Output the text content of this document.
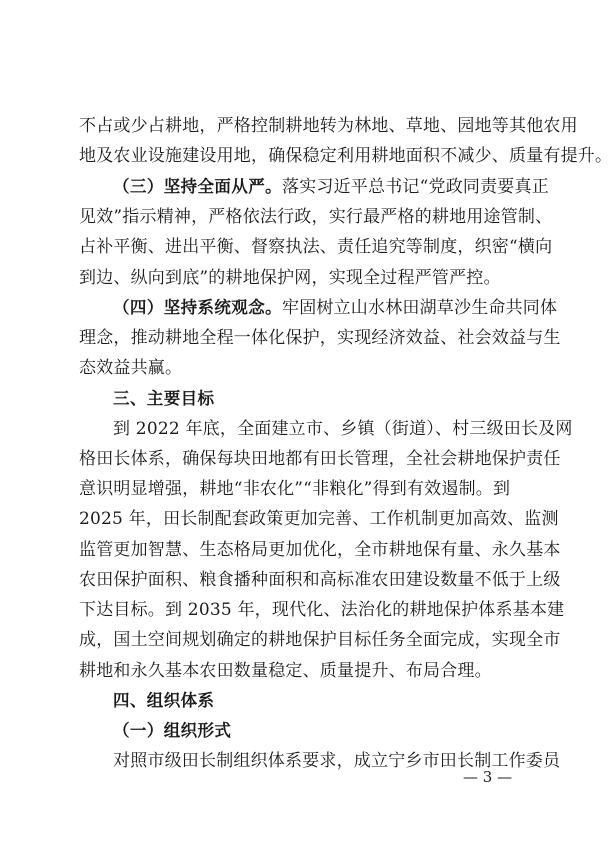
不占或少占耕地，严格控制耕地转为林地、草地、园地等其他农用
地及农业设施建设用地，确保稳定利用耕地面积不减少、质量有提升。
（三）坚持全面从严。落实习近平总书记“党政同责要真正
见效”指示精神，严格依法行政，实行最严格的耕地用途管制、
占补平衡、进出平衡、督察执法、责任追究等制度，织密“横向
到边、纵向到底”的耕地保护网，实现全过程严管严控。
（四）坚持系统观念。牢固树立山水林田湖草沙生命共同体
理念，推动耕地全程一体化保护，实现经济效益、社会效益与生
态效益共赢。
三、主要目标
到 2022 年底，全面建立市、乡镇（街道）、村三级田长及网
格田长体系，确保每块田地都有田长管理，全社会耕地保护责任
意识明显增强，耕地“非农化”“非粮化”得到有效遏制。到
2025 年，田长制配套政策更加完善、工作机制更加高效、监测
监管更加智慧、生态格局更加优化，全市耕地保有量、永久基本
农田保护面积、粮食播种面积和高标准农田建设数量不低于上级
下达目标。到 2035 年，现代化、法治化的耕地保护体系基本建
成，国土空间规划确定的耕地保护目标任务全面完成，实现全市
耕地和永久基本农田数量稳定、质量提升、布局合理。
四、组织体系
（一）组织形式
对照市级田长制组织体系要求，成立宁乡市田长制工作委员
— 3 —
